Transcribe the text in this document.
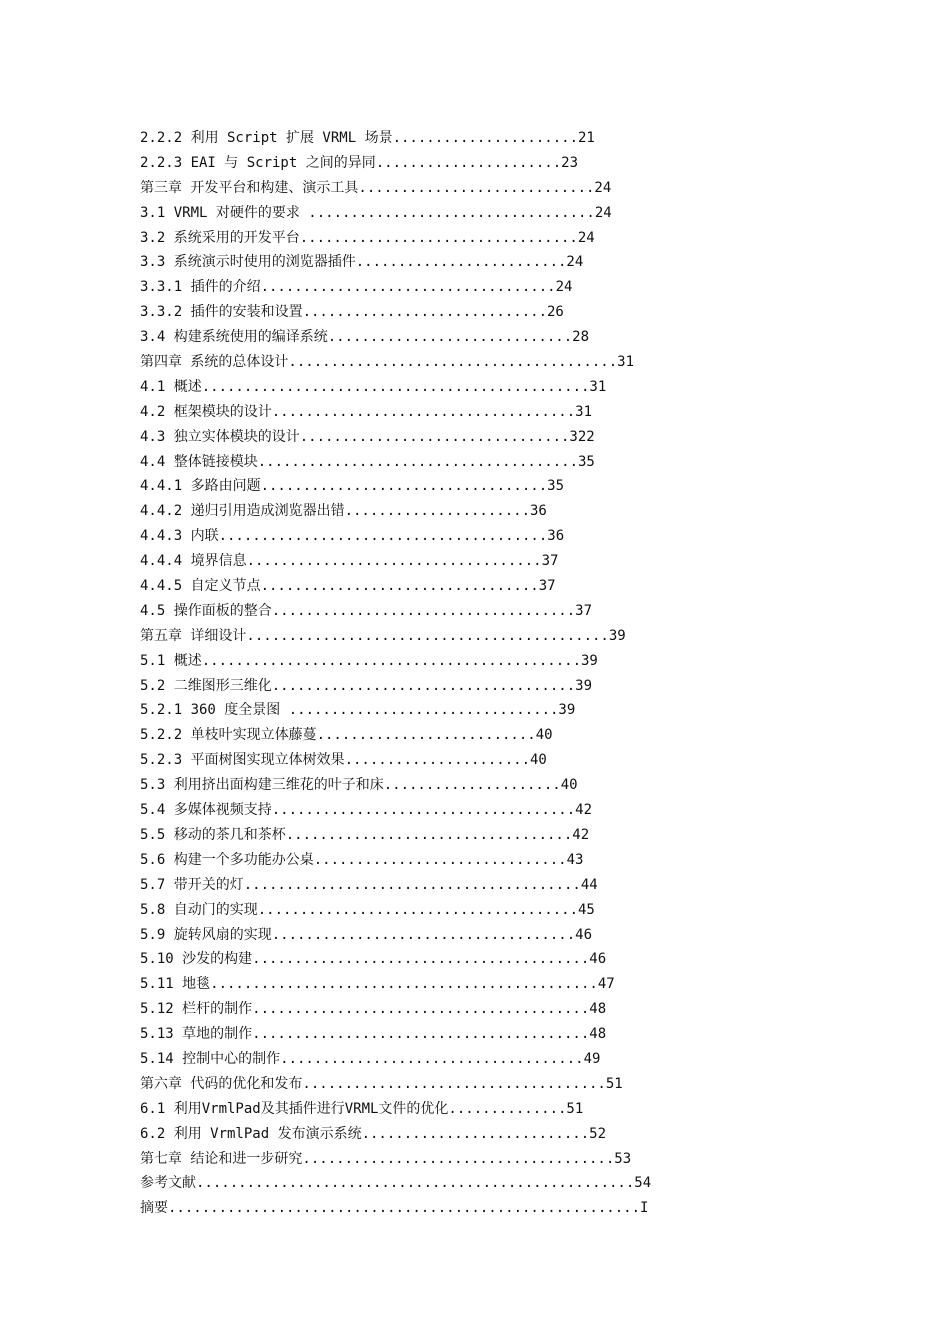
2.2.2 利用 Script 扩展 VRML 场景......................21
2.2.3 EAI 与 Script 之间的异同......................23
第三章 开发平台和构建、演示工具............................24
3.1 VRML 对硬件的要求 ..................................24
3.2 系统采用的开发平台.................................24
3.3 系统演示时使用的浏览器插件.........................24
3.3.1 插件的介绍...................................24
3.3.2 插件的安装和设置.............................26
3.4 构建系统使用的编译系统.............................28
第四章 系统的总体设计.......................................31
4.1 概述..............................................31
4.2 框架模块的设计....................................31
4.3 独立实体模块的设计................................322
4.4 整体链接模块......................................35
4.4.1 多路由问题..................................35
4.4.2 递归引用造成浏览器出错......................36
4.4.3 内联.......................................36
4.4.4 境界信息...................................37
4.4.5 自定义节点.................................37
4.5 操作面板的整合....................................37
第五章 详细设计...........................................39
5.1 概述.............................................39
5.2 二维图形三维化....................................39
5.2.1 360 度全景图 ................................39
5.2.2 单枝叶实现立体藤蔓..........................40
5.2.3 平面树图实现立体树效果......................40
5.3 利用挤出面构建三维花的叶子和床.....................40
5.4 多媒体视频支持....................................42
5.5 移动的茶几和茶杯..................................42
5.6 构建一个多功能办公桌..............................43
5.7 带开关的灯........................................44
5.8 自动门的实现......................................45
5.9 旋转风扇的实现....................................46
5.10 沙发的构建........................................46
5.11 地毯..............................................47
5.12 栏杆的制作........................................48
5.13 草地的制作........................................48
5.14 控制中心的制作....................................49
第六章 代码的优化和发布....................................51
6.1 利用VrmlPad及其插件进行VRML文件的优化..............51
6.2 利用 VrmlPad 发布演示系统...........................52
第七章 结论和进一步研究.....................................53
参考文献....................................................54
摘要........................................................I
